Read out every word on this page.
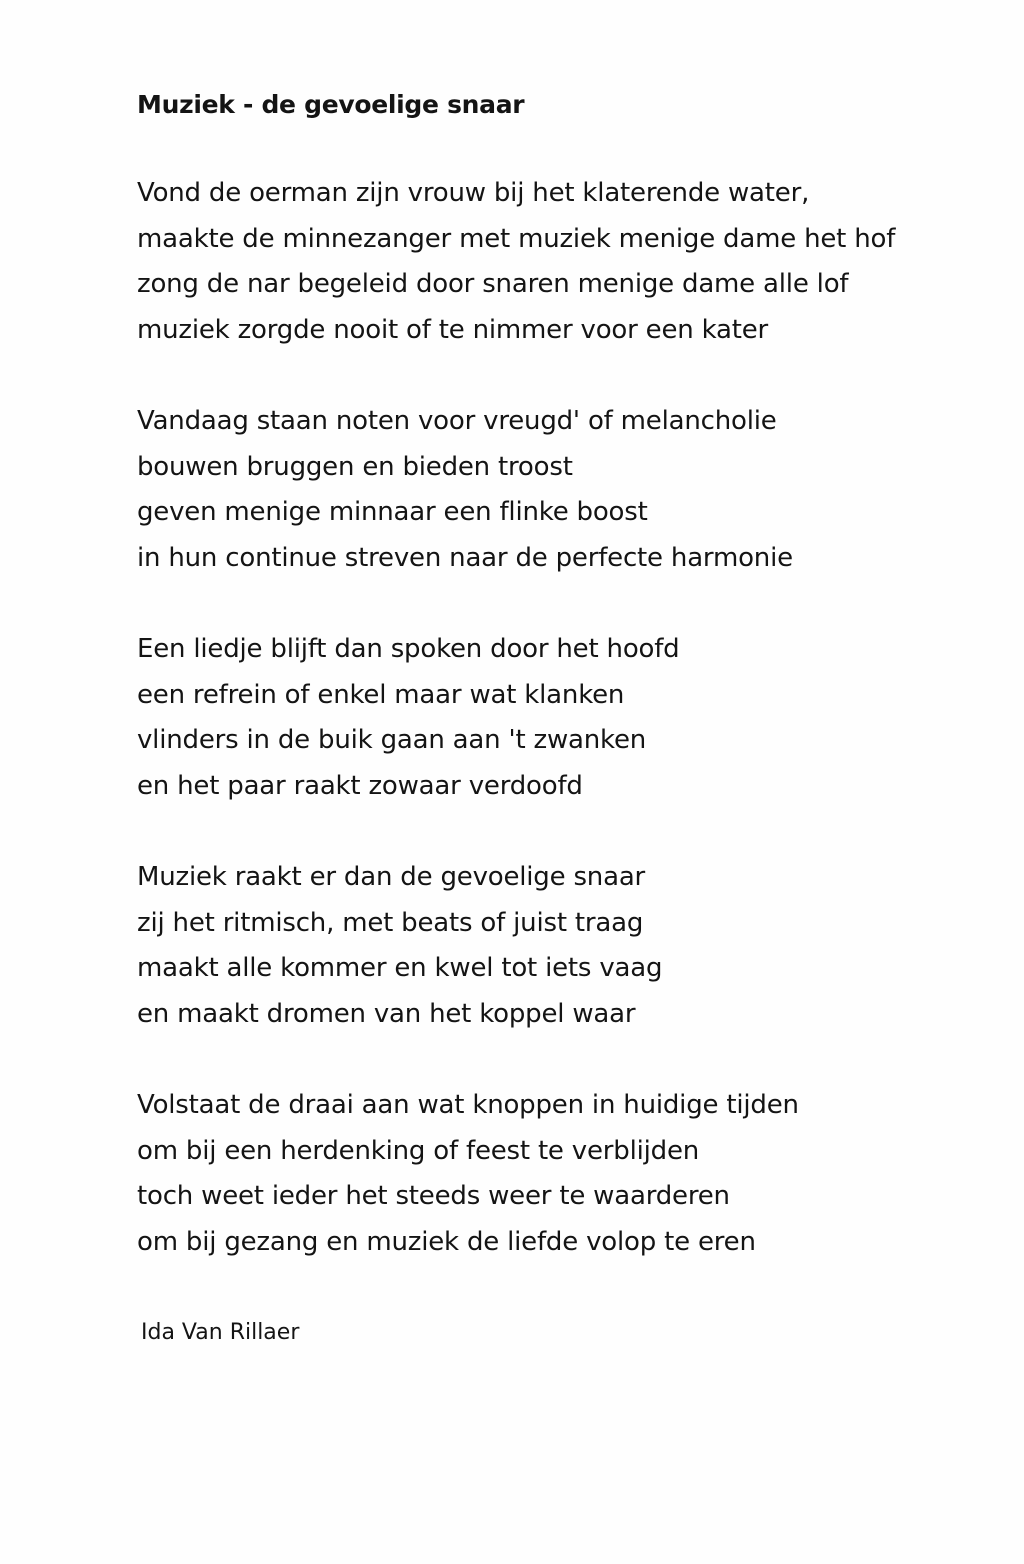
Muziek - de gevoelige snaar
Vond de oerman zijn vrouw bij het klaterende water,
maakte de minnezanger met muziek menige dame het hof
zong de nar begeleid door snaren menige dame alle lof
muziek zorgde nooit of te nimmer voor een kater
Vandaag staan noten voor vreugd' of melancholie
bouwen bruggen en bieden troost
geven menige minnaar een flinke boost
in hun continue streven naar de perfecte harmonie
Een liedje blijft dan spoken door het hoofd
een refrein of enkel maar wat klanken
vlinders in de buik gaan aan 't zwanken
en het paar raakt zowaar verdoofd
Muziek raakt er dan de gevoelige snaar
zij het ritmisch, met beats of juist traag
maakt alle kommer en kwel tot iets vaag
en maakt dromen van het koppel waar
Volstaat de draai aan wat knoppen in huidige tijden
om bij een herdenking of feest te verblijden
toch weet ieder het steeds weer te waarderen
om bij gezang en muziek de liefde volop te eren
Ida Van Rillaer
